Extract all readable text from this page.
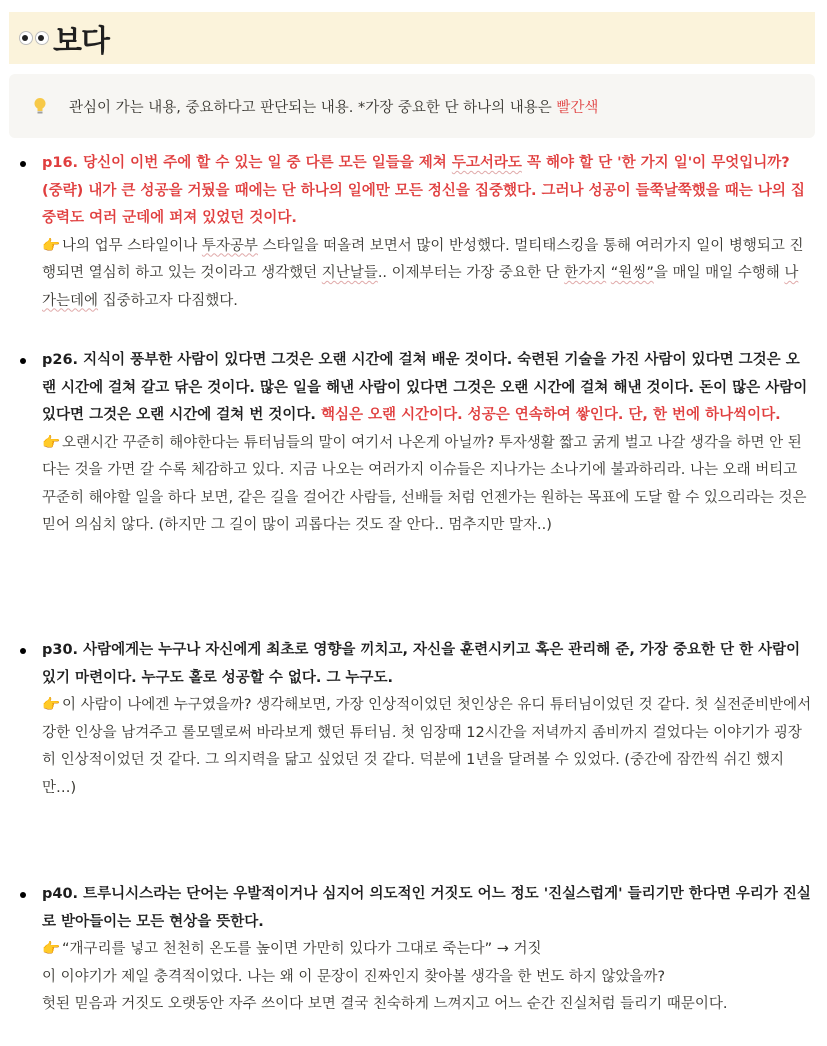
보다
관심이 가는 내용, 중요하다고 판단되는 내용. *가장 중요한 단 하나의 내용은 빨간색
p16. 당신이 이번 주에 할 수 있는 일 중 다른 모든 일들을 제쳐 두고서라도 꼭 해야 할 단 '한 가지 일'이 무엇입니까? (중략) 내가 큰 성공을 거뒀을 때에는 단 하나의 일에만 모든 정신을 집중했다. 그러나 성공이 들쭉날쭉했을 때는 나의 집중력도 여러 군데에 퍼져 있었던 것이다.
👉 나의 업무 스타일이나 투자공부 스타일을 떠올려 보면서 많이 반성했다. 멀티태스킹을 통해 여러가지 일이 병행되고 진행되면 열심히 하고 있는 것이라고 생각했던 지난날들.. 이제부터는 가장 중요한 단 한가지 “원씽”을 매일 매일 수행해 나가는데에 집중하고자 다짐했다.
p26. 지식이 풍부한 사람이 있다면 그것은 오랜 시간에 걸쳐 배운 것이다. 숙련된 기술을 가진 사람이 있다면 그것은 오랜 시간에 걸쳐 갈고 닦은 것이다. 많은 일을 해낸 사람이 있다면 그것은 오랜 시간에 걸쳐 해낸 것이다. 돈이 많은 사람이 있다면 그것은 오랜 시간에 걸쳐 번 것이다. 핵심은 오랜 시간이다. 성공은 연속하여 쌓인다. 단, 한 번에 하나씩이다.
👉 오랜시간 꾸준히 해야한다는 튜터님들의 말이 여기서 나온게 아닐까? 투자생활 짧고 굵게 벌고 나갈 생각을 하면 안 된다는 것을 가면 갈 수록 체감하고 있다. 지금 나오는 여러가지 이슈들은 지나가는 소나기에 불과하리라. 나는 오래 버티고 꾸준히 해야할 일을 하다 보면, 같은 길을 걸어간 사람들, 선배들 처럼 언젠가는 원하는 목표에 도달 할 수 있으리라는 것은 믿어 의심치 않다. (하지만 그 길이 많이 괴롭다는 것도 잘 안다.. 멈추지만 말자..)
p30. 사람에게는 누구나 자신에게 최초로 영향을 끼치고, 자신을 훈련시키고 혹은 관리해 준, 가장 중요한 단 한 사람이 있기 마련이다. 누구도 홀로 성공할 수 없다. 그 누구도.
👉 이 사람이 나에겐 누구였을까? 생각해보면, 가장 인상적이었던 첫인상은 유디 튜터님이었던 것 같다. 첫 실전준비반에서 강한 인상을 남겨주고 롤모델로써 바라보게 했던 튜터님. 첫 임장때 12시간을 저녁까지 좀비까지 걸었다는 이야기가 굉장히 인상적이었던 것 같다. 그 의지력을 닮고 싶었던 것 같다. 덕분에 1년을 달려볼 수 있었다. (중간에 잠깐씩 쉬긴 했지만…)
p40. 트루니시스라는 단어는 우발적이거나 심지어 의도적인 거짓도 어느 정도 '진실스럽게' 들리기만 한다면 우리가 진실로 받아들이는 모든 현상을 뜻한다.
👉 “개구리를 넣고 천천히 온도를 높이면 가만히 있다가 그대로 죽는다” → 거짓
이 이야기가 제일 충격적이었다. 나는 왜 이 문장이 진짜인지 찾아볼 생각을 한 번도 하지 않았을까?
헛된 믿음과 거짓도 오랫동안 자주 쓰이다 보면 결국 친숙하게 느껴지고 어느 순간 진실처럼 들리기 때문이다.
